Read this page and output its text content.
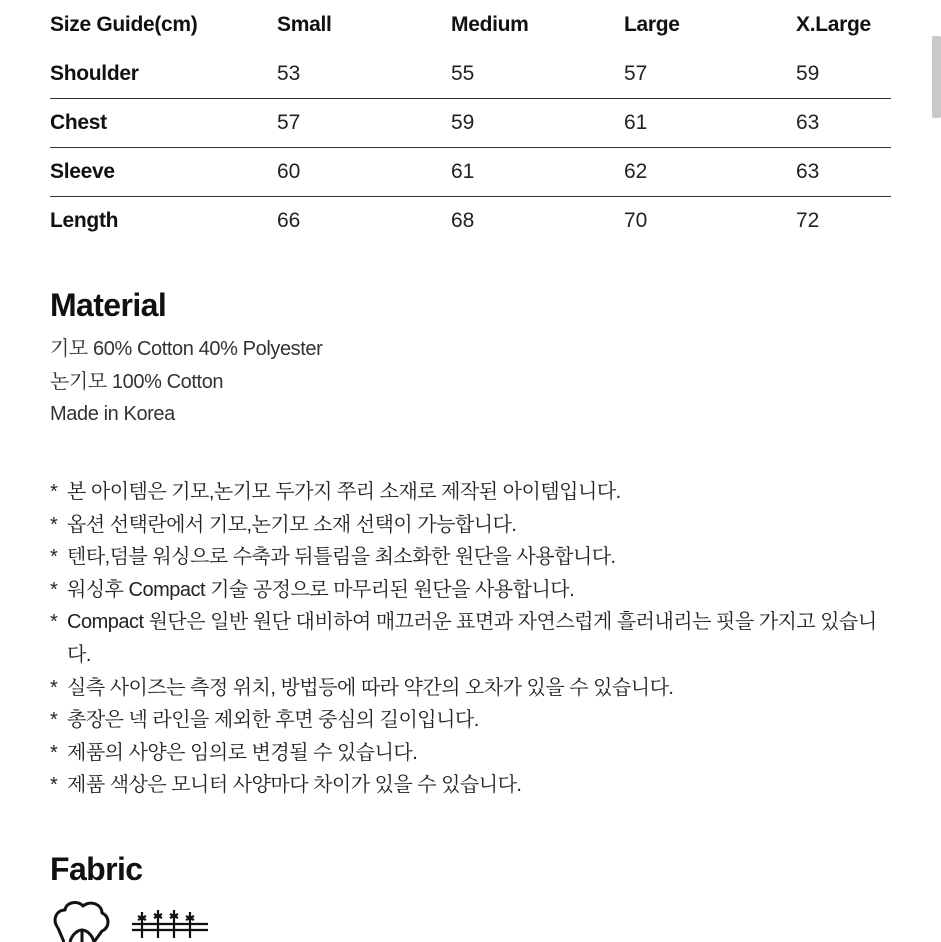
Size Guide(cm)	Small	Medium	Large	X.Large
Shoulder	53	55	57	59
Chest	57	59	61	63
Sleeve	60	61	62	63
Length	66	68	70	72
Material
기모 60% Cotton 40% Polyester
논기모 100% Cotton
Made in Korea
* 본 아이템은 기모,논기모 두가지 쭈리 소재로 제작된 아이템입니다.
* 옵션 선택란에서 기모,논기모 소재 선택이 가능합니다.
* 텐타,덤블 워싱으로 수축과 뒤틀림을 최소화한 원단을 사용합니다.
* 워싱후 Compact 기술 공정으로 마무리된 원단을 사용합니다.
* Compact 원단은 일반 원단 대비하여 매끄러운 표면과 자연스럽게 흘러내리는 핏을 가지고 있습니다.
* 실측 사이즈는 측정 위치, 방법등에 따라 약간의 오차가 있을 수 있습니다.
* 총장은 넥 라인을 제외한 후면 중심의 길이입니다.
* 제품의 사양은 임의로 변경될 수 있습니다.
* 제품 색상은 모니터 사양마다 차이가 있을 수 있습니다.
Fabric
